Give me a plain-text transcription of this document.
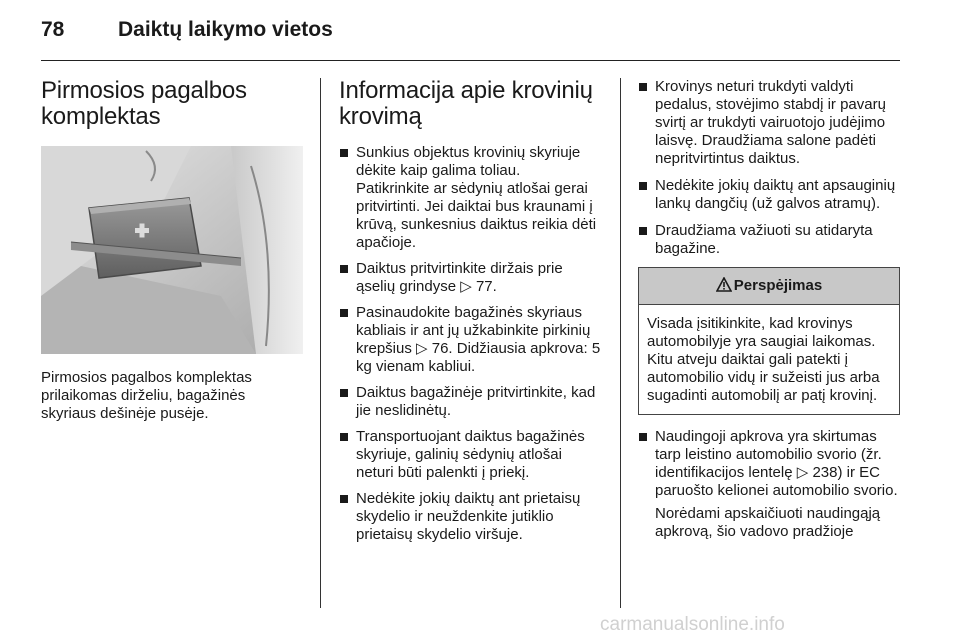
78	Daiktų laikymo vietos
Pirmosios pagalbos komplektas
Pirmosios pagalbos komplektas prilaikomas dirželiu, bagažinės skyriaus dešinėje pusėje.
Informacija apie krovinių krovimą
Sunkius objektus krovinių skyriuje dėkite kaip galima toliau.
Patikrinkite ar sėdynių atlošai gerai pritvirtinti. Jei daiktai bus kraunami į krūvą, sunkesnius daiktus reikia dėti apačioje.
Daiktus pritvirtinkite diržais prie ąselių grindyse ▷ 77.
Pasinaudokite bagažinės skyriaus kabliais ir ant jų užkabinkite pirkinių krepšius ▷ 76. Didžiausia apkrova: 5 kg vienam kabliui.
Daiktus bagažinėje pritvirtinkite, kad jie neslidinėtų.
Transportuojant daiktus bagažinės skyriuje, galinių sėdynių atlošai neturi būti palenkti į priekį.
Nedėkite jokių daiktų ant prietaisų skydelio ir neuždenkite jutiklio prietaisų skydelio viršuje.
Krovinys neturi trukdyti valdyti pedalus, stovėjimo stabdį ir pavarų svirtį ar trukdyti vairuotojo judėjimo laisvę. Draudžiama salone padėti nepritvirtintus daiktus.
Nedėkite jokių daiktų ant apsauginių lankų dangčių (už galvos atramų).
Draudžiama važiuoti su atidaryta bagažine.
Perspėjimas
Visada įsitikinkite, kad krovinys automobilyje yra saugiai laikomas. Kitu atveju daiktai gali patekti į automobilio vidų ir sužeisti jus arba sugadinti automobilį ar patį krovinį.
Naudingoji apkrova yra skirtumas tarp leistino automobilio svorio (žr. identifikacijos lentelę ▷ 238) ir EC paruošto kelionei automobilio svorio.
Norėdami apskaičiuoti naudingąją apkrovą, šio vadovo pradžioje
carmanualsonline.info
